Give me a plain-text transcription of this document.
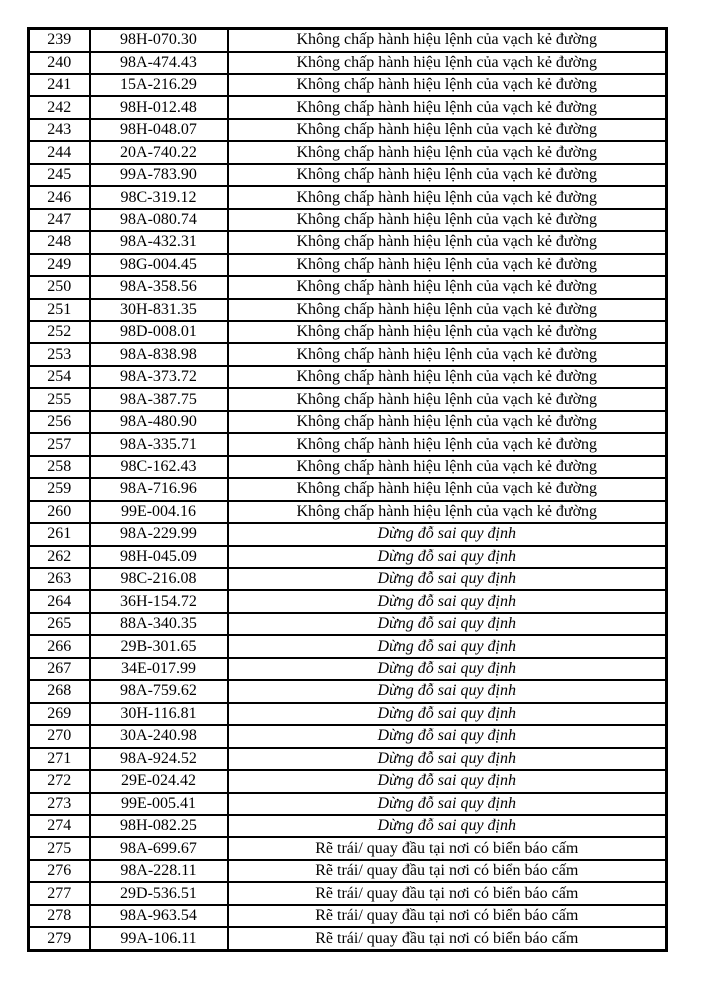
239	98H-070.30	Không chấp hành hiệu lệnh của vạch kẻ đường
240	98A-474.43	Không chấp hành hiệu lệnh của vạch kẻ đường
241	15A-216.29	Không chấp hành hiệu lệnh của vạch kẻ đường
242	98H-012.48	Không chấp hành hiệu lệnh của vạch kẻ đường
243	98H-048.07	Không chấp hành hiệu lệnh của vạch kẻ đường
244	20A-740.22	Không chấp hành hiệu lệnh của vạch kẻ đường
245	99A-783.90	Không chấp hành hiệu lệnh của vạch kẻ đường
246	98C-319.12	Không chấp hành hiệu lệnh của vạch kẻ đường
247	98A-080.74	Không chấp hành hiệu lệnh của vạch kẻ đường
248	98A-432.31	Không chấp hành hiệu lệnh của vạch kẻ đường
249	98G-004.45	Không chấp hành hiệu lệnh của vạch kẻ đường
250	98A-358.56	Không chấp hành hiệu lệnh của vạch kẻ đường
251	30H-831.35	Không chấp hành hiệu lệnh của vạch kẻ đường
252	98D-008.01	Không chấp hành hiệu lệnh của vạch kẻ đường
253	98A-838.98	Không chấp hành hiệu lệnh của vạch kẻ đường
254	98A-373.72	Không chấp hành hiệu lệnh của vạch kẻ đường
255	98A-387.75	Không chấp hành hiệu lệnh của vạch kẻ đường
256	98A-480.90	Không chấp hành hiệu lệnh của vạch kẻ đường
257	98A-335.71	Không chấp hành hiệu lệnh của vạch kẻ đường
258	98C-162.43	Không chấp hành hiệu lệnh của vạch kẻ đường
259	98A-716.96	Không chấp hành hiệu lệnh của vạch kẻ đường
260	99E-004.16	Không chấp hành hiệu lệnh của vạch kẻ đường
261	98A-229.99	Dừng đỗ sai quy định
262	98H-045.09	Dừng đỗ sai quy định
263	98C-216.08	Dừng đỗ sai quy định
264	36H-154.72	Dừng đỗ sai quy định
265	88A-340.35	Dừng đỗ sai quy định
266	29B-301.65	Dừng đỗ sai quy định
267	34E-017.99	Dừng đỗ sai quy định
268	98A-759.62	Dừng đỗ sai quy định
269	30H-116.81	Dừng đỗ sai quy định
270	30A-240.98	Dừng đỗ sai quy định
271	98A-924.52	Dừng đỗ sai quy định
272	29E-024.42	Dừng đỗ sai quy định
273	99E-005.41	Dừng đỗ sai quy định
274	98H-082.25	Dừng đỗ sai quy định
275	98A-699.67	Rẽ trái/ quay đầu tại nơi có biển báo cấm
276	98A-228.11	Rẽ trái/ quay đầu tại nơi có biển báo cấm
277	29D-536.51	Rẽ trái/ quay đầu tại nơi có biển báo cấm
278	98A-963.54	Rẽ trái/ quay đầu tại nơi có biển báo cấm
279	99A-106.11	Rẽ trái/ quay đầu tại nơi có biển báo cấm
